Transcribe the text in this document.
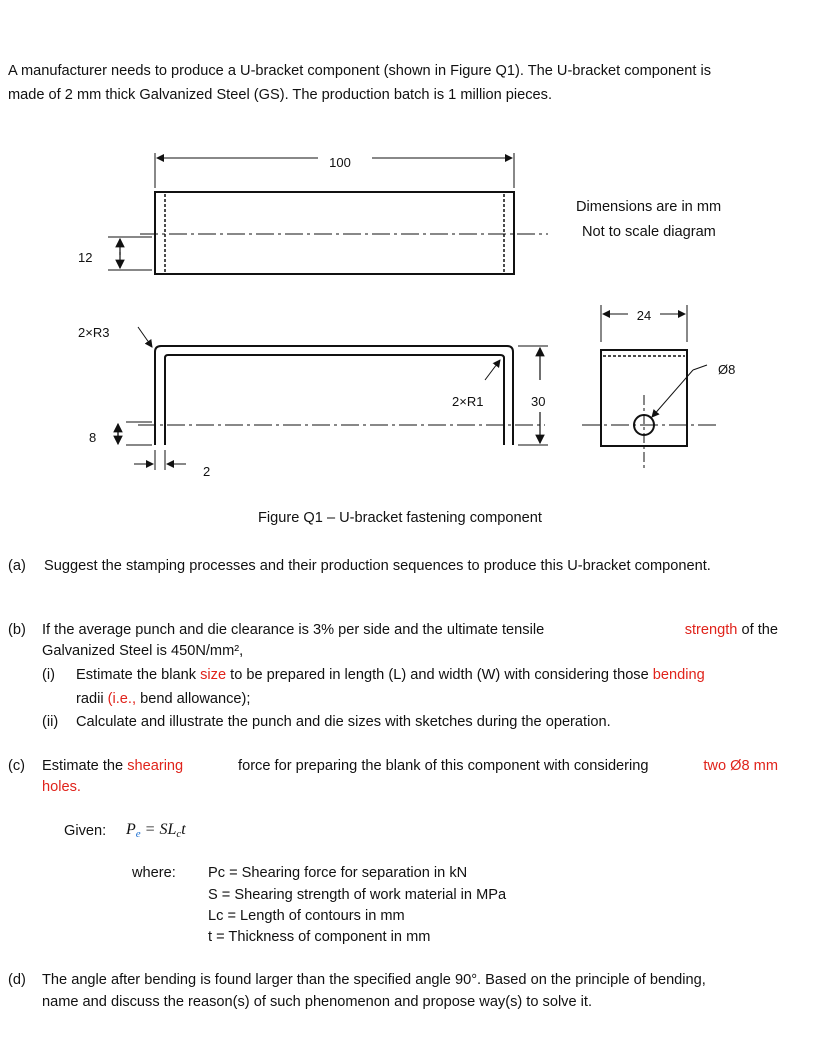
A manufacturer needs to produce a U-bracket component (shown in Figure Q1). The U-bracket component is
made of 2 mm thick Galvanized Steel (GS). The production batch is 1 million pieces.
100
12
2×R3
2×R1	30
8
2
24
Ø8
Dimensions are in mm
Not to scale diagram
Figure Q1 – U-bracket fastening component
(a) Suggest the stamping processes and their production sequences to produce this U-bracket component.
(b) If the average punch and die clearance is 3% per side and the ultimate tensile	strength of the
Galvanized Steel is 450N/mm²,
(i) Estimate the blank size to be prepared in length (L) and width (W) with considering those bending
radii (i.e., bend allowance);
(ii) Calculate and illustrate the punch and die sizes with sketches during the operation.
(c) Estimate the shearing	force for preparing the blank of this component with considering	two Ø8 mm
holes.
Given: $P_e = SL_ct$
where: Pc = Shearing force for separation in kN
S = Shearing strength of work material in MPa
Lc = Length of contours in mm
t = Thickness of component in mm
(d) The angle after bending is found larger than the specified angle 90°. Based on the principle of bending,
name and discuss the reason(s) of such phenomenon and propose way(s) to solve it.
